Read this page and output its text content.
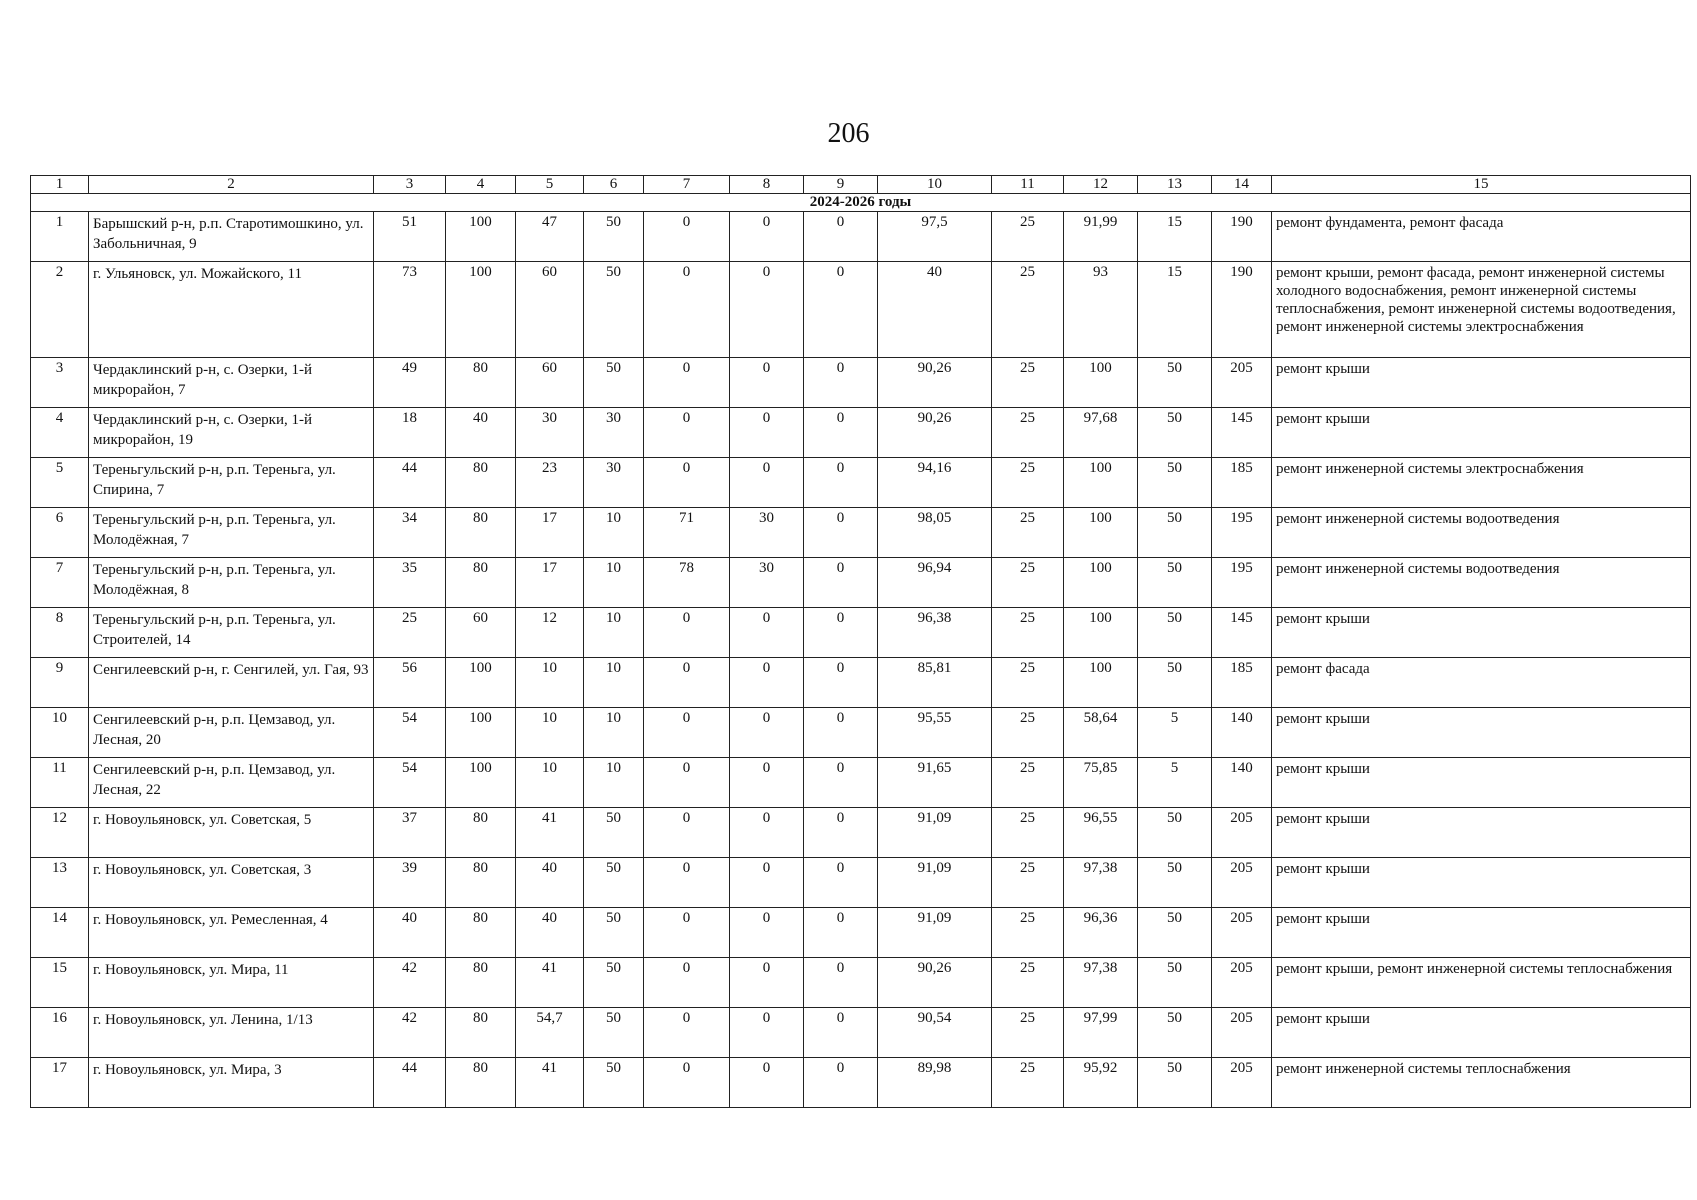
206
1	2	3	4	5	6	7	8	9	10	11	12	13	14	15
2024-2026 годы														
1	Барышский р-н, р.п. Старотимошкино, ул. Забольничная, 9	51	100	47	50	0	0	0	97,5	25	91,99	15	190	ремонт фундамента, ремонт фасада
2	г. Ульяновск, ул. Можайского, 11	73	100	60	50	0	0	0	40	25	93	15	190	ремонт крыши, ремонт фасада, ремонт инженерной системы холодного водоснабжения, ремонт инженерной системы теплоснабжения, ремонт инженерной системы водоотведения, ремонт инженерной системы электроснабжения
3	Чердаклинский р-н, с. Озерки, 1-й микрорайон, 7	49	80	60	50	0	0	0	90,26	25	100	50	205	ремонт крыши
4	Чердаклинский р-н, с. Озерки, 1-й микрорайон, 19	18	40	30	30	0	0	0	90,26	25	97,68	50	145	ремонт крыши
5	Тереньгульский р-н, р.п. Тереньга, ул. Спирина, 7	44	80	23	30	0	0	0	94,16	25	100	50	185	ремонт инженерной системы электроснабжения
6	Тереньгульский р-н, р.п. Тереньга, ул. Молодёжная, 7	34	80	17	10	71	30	0	98,05	25	100	50	195	ремонт инженерной системы водоотведения
7	Тереньгульский р-н, р.п. Тереньга, ул. Молодёжная, 8	35	80	17	10	78	30	0	96,94	25	100	50	195	ремонт инженерной системы водоотведения
8	Тереньгульский р-н, р.п. Тереньга, ул. Строителей, 14	25	60	12	10	0	0	0	96,38	25	100	50	145	ремонт крыши
9	Сенгилеевский р-н, г. Сенгилей, ул. Гая, 93	56	100	10	10	0	0	0	85,81	25	100	50	185	ремонт фасада
10	Сенгилеевский р-н, р.п. Цемзавод, ул. Лесная, 20	54	100	10	10	0	0	0	95,55	25	58,64	5	140	ремонт крыши
11	Сенгилеевский р-н, р.п. Цемзавод, ул. Лесная, 22	54	100	10	10	0	0	0	91,65	25	75,85	5	140	ремонт крыши
12	г. Новоульяновск, ул. Советская, 5	37	80	41	50	0	0	0	91,09	25	96,55	50	205	ремонт крыши
13	г. Новоульяновск, ул. Советская, 3	39	80	40	50	0	0	0	91,09	25	97,38	50	205	ремонт крыши
14	г. Новоульяновск, ул. Ремесленная, 4	40	80	40	50	0	0	0	91,09	25	96,36	50	205	ремонт крыши
15	г. Новоульяновск, ул. Мира, 11	42	80	41	50	0	0	0	90,26	25	97,38	50	205	ремонт крыши, ремонт инженерной системы теплоснабжения
16	г. Новоульяновск, ул. Ленина, 1/13	42	80	54,7	50	0	0	0	90,54	25	97,99	50	205	ремонт крыши
17	г. Новоульяновск, ул. Мира, 3	44	80	41	50	0	0	0	89,98	25	95,92	50	205	ремонт инженерной системы теплоснабжения
